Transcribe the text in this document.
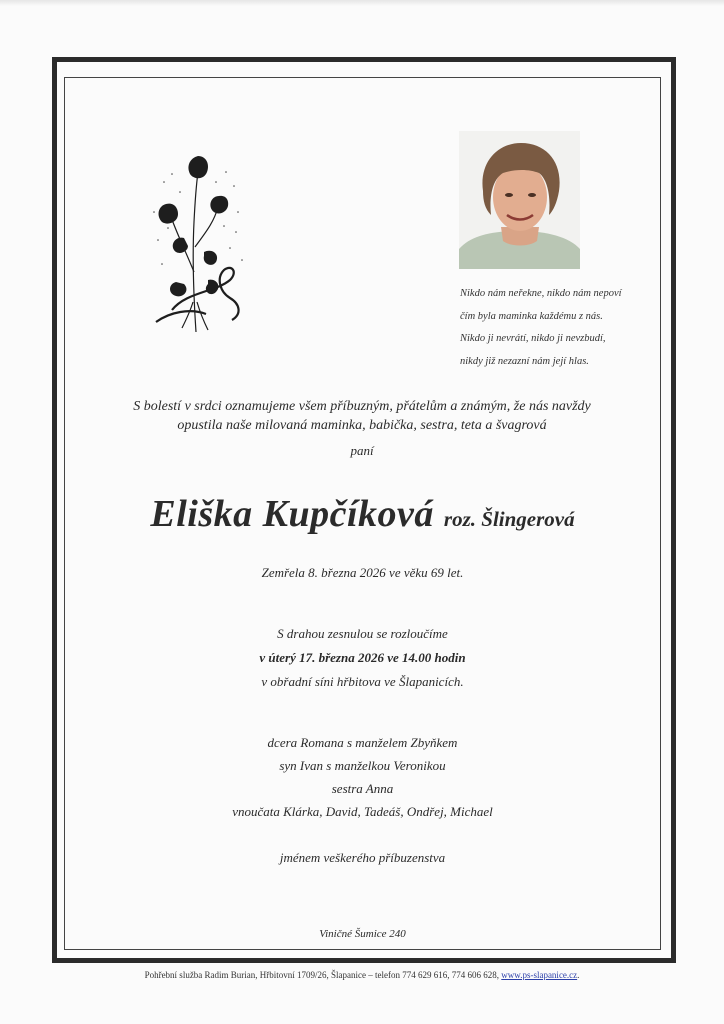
Nikdo nám neřekne, nikdo nám nepoví
čím byla maminka každému z nás.
Nikdo ji nevrátí, nikdo ji nevzbudí,
nikdy již nezazní nám její hlas.
S bolestí v srdci oznamujeme všem příbuzným, přátelům a známým, že nás navždy
opustila naše milovaná maminka, babička, sestra, teta a švagrová
paní
Eliška Kupčíková roz. Šlingerová
Zemřela 8. března 2026 ve věku 69 let.
S drahou zesnulou se rozloučíme
v úterý 17. března 2026 ve 14.00 hodin
v obřadní síni hřbitova ve Šlapanicích.
dcera Romana s manželem Zbyňkem
syn Ivan s manželkou Veronikou
sestra Anna
vnoučata Klárka, David, Tadeáš, Ondřej, Michael
jménem veškerého příbuzenstva
Viničné Šumice 240
Pohřební služba Radim Burian, Hřbitovní 1709/26, Šlapanice – telefon 774 629 616, 774 606 628, www.ps-slapanice.cz.
